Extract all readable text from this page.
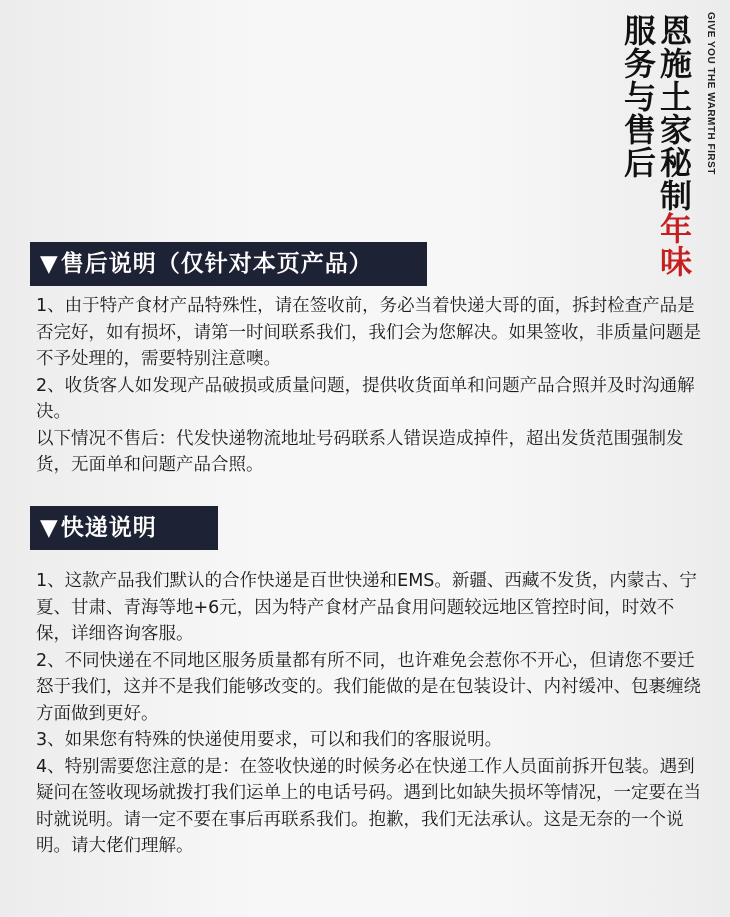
GIVE YOU THE WARMTH FIRST
恩施土家秘制年味
服务与售后
▼售后说明（仅针对本页产品）

1、由于特产食材产品特殊性，请在签收前，务必当着快递大哥的面，拆封检查产品是否完好，如有损坏，请第一时间联系我们，我们会为您解决。如果签收，非质量问题是不予处理的，需要特别注意噢。

2、收货客人如发现产品破损或质量问题，提供收货面单和问题产品合照并及时沟通解决。

以下情况不售后：代发快递物流地址号码联系人错误造成掉件，超出发货范围强制发货，无面单和问题产品合照。

▼快递说明

1、这款产品我们默认的合作快递是百世快递和EMS。新疆、西藏不发货，内蒙古、宁夏、甘肃、青海等地+6元，因为特产食材产品食用问题较远地区管控时间，时效不保，详细咨询客服。

2、不同快递在不同地区服务质量都有所不同，也许难免会惹你不开心，但请您不要迁怒于我们，这并不是我们能够改变的。我们能做的是在包装设计、内衬缓冲、包裹缠绕方面做到更好。

3、如果您有特殊的快递使用要求，可以和我们的客服说明。

4、特别需要您注意的是：在签收快递的时候务必在快递工作人员面前拆开包装。遇到疑问在签收现场就拨打我们运单上的电话号码。遇到比如缺失损坏等情况，一定要在当时就说明。请一定不要在事后再联系我们。抱歉，我们无法承认。这是无奈的一个说明。请大佬们理解。
